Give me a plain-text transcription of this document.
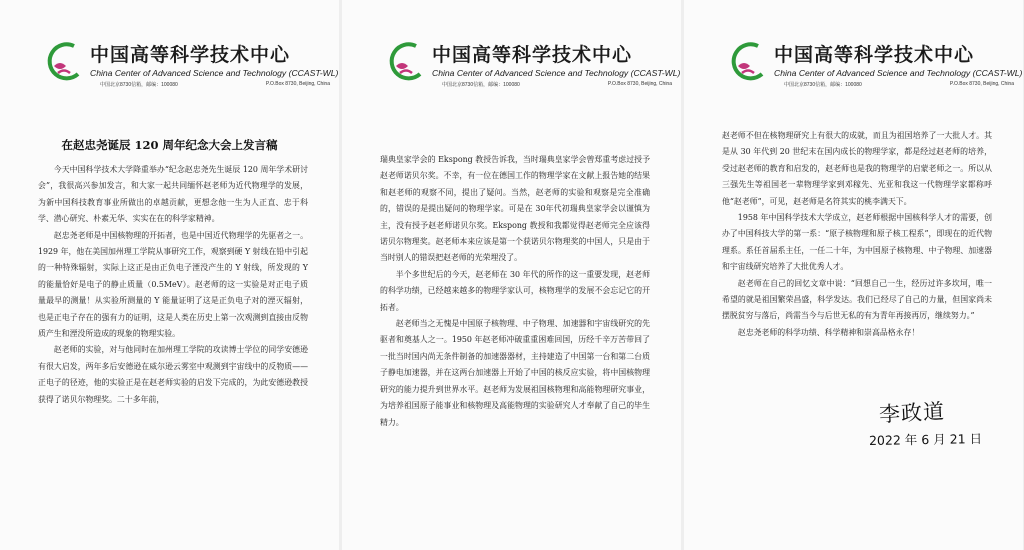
中国高等科学技术中心
China Center of Advanced Science and Technology (CCAST-WL)
中国北京8730信箱，邮编：100080	P.O.Box 8730, Beijing, China
在赵忠尧诞辰 120 周年纪念大会上发言稿

今天中国科学技术大学降重举办“纪念赵忠尧先生诞辰 120 周年学术研讨会”，我很高兴参加发言，和大家一起共同缅怀赵老师为近代物理学的发展，为新中国科技教育事业所做出的卓越贡献，更想念他一生为人正直、忠于科学、潜心研究、朴素无华、实实在在的科学家精神。

赵忠尧老师是中国核物理的开拓者，也是中国近代物理学的先驱者之一。1929 年，他在美国加州理工学院从事研究工作，观察到硬 Y 射线在铅中引起的一种特殊辐射，实际上这正是由正负电子湮没产生的 Y 射线，所发现的 Y 的能量恰好是电子的静止质量（0.5MeV）。赵老师的这一实验是对正电子质量最早的测量！从实验所测量的 Y 能量证明了这是正负电子对的湮灭辐射，也是正电子存在的强有力的证明，这是人类在历史上第一次观测到直接由反物质产生和湮没所造成的现象的物理实验。

赵老师的实验，对与他同时在加州理工学院的攻读博士学位的同学安德逊有很大启发，两年多后安德逊在威尔逊云雾室中观测到宇宙线中的反物质——正电子的径迹，他的实验正是在赵老师实验的启发下完成的，为此安德逊教授获得了诺贝尔物理奖。二十多年前，

中国高等科学技术中心
China Center of Advanced Science and Technology (CCAST-WL)
中国北京8730信箱，邮编：100080	P.O.Box 8730, Beijing, China

瑞典皇家学会的 Ekspong 教授告诉我，当时瑞典皇家学会曾郑重考虑过授予赵老师诺贝尔奖。不幸，有一位在德国工作的物理学家在文献上报告她的结果和赵老师的观察不同，提出了疑问。当然，赵老师的实验和观察是完全准确的，错误的是提出疑问的物理学家。可是在 30年代初瑞典皇家学会以谨慎为主，没有授予赵老师诺贝尔奖。Ekspong 教授和我都觉得赵老师完全应该得诺贝尔物理奖。赵老师本来应该是第一个获诺贝尔物理奖的中国人，只是由于当时别人的错误把赵老师的光荣埋没了。

半个多世纪后的今天，赵老师在 30 年代的所作的这一重要发现，赵老师的科学功绩，已经越来越多的物理学家认可，核物理学的发展不会忘记它的开拓者。

赵老师当之无愧是中国原子核物理、中子物理、加速器和宇宙线研究的先驱者和奠基人之一。1950 年赵老师冲破重重困难回国，历经千辛万苦带回了一批当时国内尚无条件制备的加速器器材，主持建造了中国第一台和第二台质子静电加速器，并在这两台加速器上开始了中国的核反应实验，将中国核物理研究的能力提升到世界水平。赵老师为发展祖国核物理和高能物理研究事业，为培养祖国原子能事业和核物理及高能物理的实验研究人才奉献了自己的毕生精力。

中国高等科学技术中心
China Center of Advanced Science and Technology (CCAST-WL)
中国北京8730信箱，邮编：100080	P.O.Box 8730, Beijing, China

赵老师不但在核物理研究上有很大的成就，而且为祖国培养了一大批人才。其是从 30 年代到 20 世纪末在国内成长的物理学家，都是经过赵老师的培养，受过赵老师的教育和启发的，赵老师也是我的物理学的启蒙老师之一。所以从三强先生等祖国老一辈物理学家到邓稼先、光亚和我这一代物理学家都称呼他“赵老师”，可见，赵老师是名符其实的桃李满天下。

1958 年中国科学技术大学成立，赵老师根据中国核科学人才的需要，创办了中国科技大学的第一系：“原子核物理和原子核工程系”，即现在的近代物理系。系任首届系主任，一任二十年，为中国原子核物理、中子物理、加速器和宇宙线研究培养了大批优秀人才。

赵老师在自己的回忆文章中说：“回想自己一生，经历过许多坎坷，唯一希望的就是祖国繁荣昌盛，科学发达。我们已经尽了自己的力量，但国家尚未摆脱贫穷与落后，尚需当今与后世无私的有为青年再接再厉，继续努力。”

赵忠尧老师的科学功绩、科学精神和崇高品格永存！

李政道
2022 年 6 月 21 日
